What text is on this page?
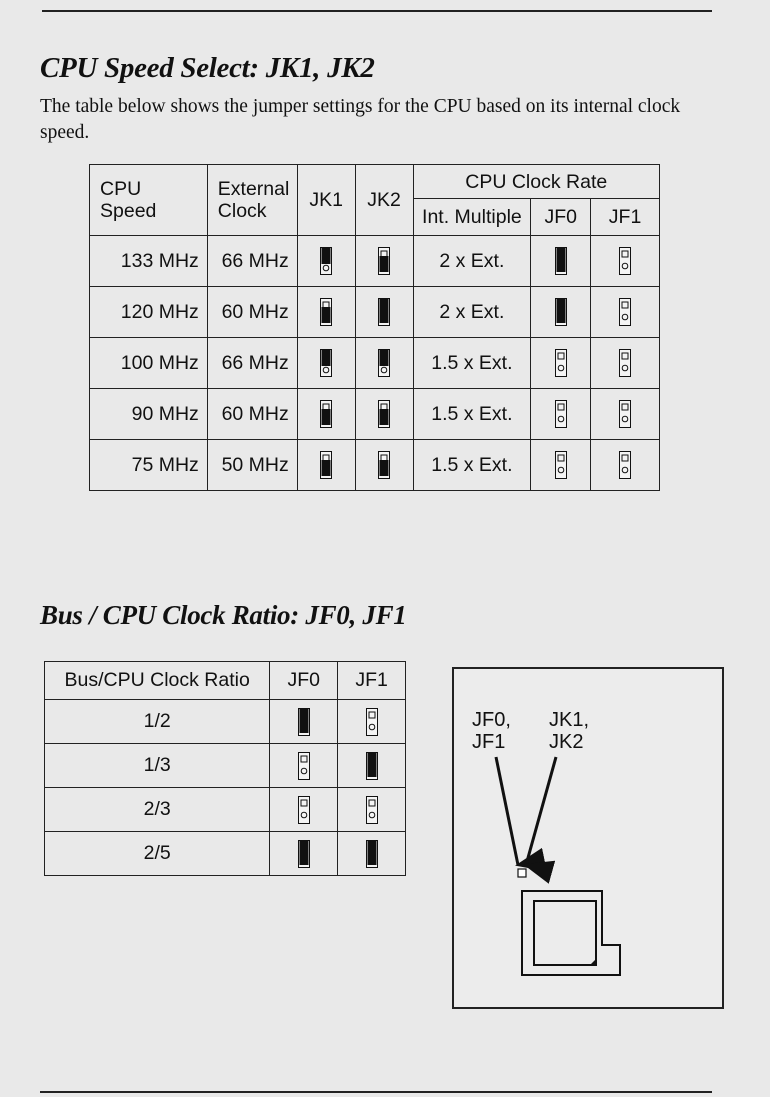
CPU Speed Select: JK1, JK2
The table below shows the jumper settings for the CPU based on its internal clock speed.
CPU Speed	External Clock	JK1	JK2	CPU Clock Rate		
				Int. Multiple	JF0	JF1
133 MHz	66 MHz			2 x Ext.		
120 MHz	60 MHz			2 x Ext.		
100 MHz	66 MHz			1.5 x Ext.		
90 MHz	60 MHz			1.5 x Ext.		
75 MHz	50 MHz			1.5 x Ext.		
Bus / CPU Clock Ratio: JF0, JF1
Bus/CPU Clock Ratio	JF0	JF1
1/2		
1/3		
2/3		
2/5		
JF0,
JF1
JK1,
JK2
